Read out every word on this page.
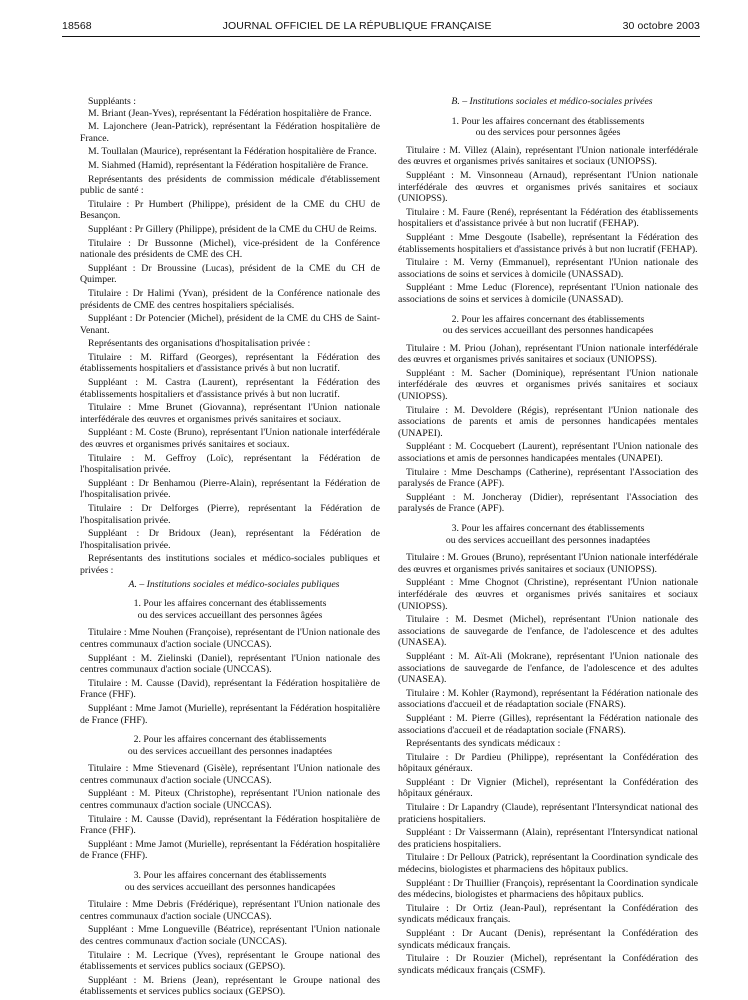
18568	JOURNAL OFFICIEL DE LA RÉPUBLIQUE FRANÇAISE	30 octobre 2003

Suppléants :

M. Briant (Jean-Yves), représentant la Fédération hospitalière de France.

M. Lajonchere (Jean-Patrick), représentant la Fédération hospitalière de France.

M. Toullalan (Maurice), représentant la Fédération hospitalière de France.

M. Siahmed (Hamid), représentant la Fédération hospitalière de France.

Représentants des présidents de commission médicale d'établissement public de santé :

Titulaire : Pr Humbert (Philippe), président de la CME du CHU de Besançon.

Suppléant : Pr Gillery (Philippe), président de la CME du CHU de Reims.

Titulaire : Dr Bussonne (Michel), vice-président de la Conférence nationale des présidents de CME des CH.

Suppléant : Dr Broussine (Lucas), président de la CME du CH de Quimper.

Titulaire : Dr Halimi (Yvan), président de la Conférence nationale des présidents de CME des centres hospitaliers spécialisés.

Suppléant : Dr Potencier (Michel), président de la CME du CHS de Saint-Venant.

Représentants des organisations d'hospitalisation privée :

Titulaire : M. Riffard (Georges), représentant la Fédération des établissements hospitaliers et d'assistance privés à but non lucratif.

Suppléant : M. Castra (Laurent), représentant la Fédération des établissements hospitaliers et d'assistance privés à but non lucratif.

Titulaire : Mme Brunet (Giovanna), représentant l'Union nationale interfédérale des œuvres et organismes privés sanitaires et sociaux.

Suppléant : M. Coste (Bruno), représentant l'Union nationale interfédérale des œuvres et organismes privés sanitaires et sociaux.

Titulaire : M. Geffroy (Loïc), représentant la Fédération de l'hospitalisation privée.

Suppléant : Dr Benhamou (Pierre-Alain), représentant la Fédération de l'hospitalisation privée.

Titulaire : Dr Delforges (Pierre), représentant la Fédération de l'hospitalisation privée.

Suppléant : Dr Bridoux (Jean), représentant la Fédération de l'hospitalisation privée.

Représentants des institutions sociales et médico-sociales publiques et privées :

A. – Institutions sociales et médico-sociales publiques

1. Pour les affaires concernant des établissements
ou des services accueillant des personnes âgées

Titulaire : Mme Nouhen (Françoise), représentant de l'Union nationale des centres communaux d'action sociale (UNCCAS).

Suppléant : M. Zielinski (Daniel), représentant l'Union nationale des centres communaux d'action sociale (UNCCAS).

Titulaire : M. Causse (David), représentant la Fédération hospitalière de France (FHF).

Suppléant : Mme Jamot (Murielle), représentant la Fédération hospitalière de France (FHF).

2. Pour les affaires concernant des établissements
ou des services accueillant des personnes inadaptées

Titulaire : Mme Stievenard (Gisèle), représentant l'Union nationale des centres communaux d'action sociale (UNCCAS).

Suppléant : M. Piteux (Christophe), représentant l'Union nationale des centres communaux d'action sociale (UNCCAS).

Titulaire : M. Causse (David), représentant la Fédération hospitalière de France (FHF).

Suppléant : Mme Jamot (Murielle), représentant la Fédération hospitalière de France (FHF).

3. Pour les affaires concernant des établissements
ou des services accueillant des personnes handicapées

Titulaire : Mme Debris (Frédérique), représentant l'Union nationale des centres communaux d'action sociale (UNCCAS).

Suppléant : Mme Longueville (Béatrice), représentant l'Union nationale des centres communaux d'action sociale (UNCCAS).

Titulaire : M. Lecrique (Yves), représentant le Groupe national des établissements et services publics sociaux (GEPSO).

Suppléant : M. Briens (Jean), représentant le Groupe national des établissements et services publics sociaux (GEPSO).

B. – Institutions sociales et médico-sociales privées

1. Pour les affaires concernant des établissements
ou des services pour personnes âgées

Titulaire : M. Villez (Alain), représentant l'Union nationale interfédérale des œuvres et organismes privés sanitaires et sociaux (UNIOPSS).

Suppléant : M. Vinsonneau (Arnaud), représentant l'Union nationale interfédérale des œuvres et organismes privés sanitaires et sociaux (UNIOPSS).

Titulaire : M. Faure (René), représentant la Fédération des établissements hospitaliers et d'assistance privée à but non lucratif (FEHAP).

Suppléant : Mme Desgoute (Isabelle), représentant la Fédération des établissements hospitaliers et d'assistance privés à but non lucratif (FEHAP).

Titulaire : M. Verny (Emmanuel), représentant l'Union nationale des associations de soins et services à domicile (UNASSAD).

Suppléant : Mme Leduc (Florence), représentant l'Union nationale des associations de soins et services à domicile (UNASSAD).

2. Pour les affaires concernant des établissements
ou des services accueillant des personnes handicapées

Titulaire : M. Priou (Johan), représentant l'Union nationale interfédérale des œuvres et organismes privés sanitaires et sociaux (UNIOPSS).

Suppléant : M. Sacher (Dominique), représentant l'Union nationale interfédérale des œuvres et organismes privés sanitaires et sociaux (UNIOPSS).

Titulaire : M. Devoldere (Régis), représentant l'Union nationale des associations de parents et amis de personnes handicapées mentales (UNAPEI).

Suppléant : M. Cocquebert (Laurent), représentant l'Union nationale des associations et amis de personnes handicapées mentales (UNAPEI).

Titulaire : Mme Deschamps (Catherine), représentant l'Association des paralysés de France (APF).

Suppléant : M. Joncheray (Didier), représentant l'Association des paralysés de France (APF).

3. Pour les affaires concernant des établissements
ou des services accueillant des personnes inadaptées

Titulaire : M. Groues (Bruno), représentant l'Union nationale interfédérale des œuvres et organismes privés sanitaires et sociaux (UNIOPSS).

Suppléant : Mme Chognot (Christine), représentant l'Union nationale interfédérale des œuvres et organismes privés sanitaires et sociaux (UNIOPSS).

Titulaire : M. Desmet (Michel), représentant l'Union nationale des associations de sauvegarde de l'enfance, de l'adolescence et des adultes (UNASEA).

Suppléant : M. Aït-Ali (Mokrane), représentant l'Union nationale des associations de sauvegarde de l'enfance, de l'adolescence et des adultes (UNASEA).

Titulaire : M. Kohler (Raymond), représentant la Fédération nationale des associations d'accueil et de réadaptation sociale (FNARS).

Suppléant : M. Pierre (Gilles), représentant la Fédération nationale des associations d'accueil et de réadaptation sociale (FNARS).

Représentants des syndicats médicaux :

Titulaire : Dr Pardieu (Philippe), représentant la Confédération des hôpitaux généraux.

Suppléant : Dr Vignier (Michel), représentant la Confédération des hôpitaux généraux.

Titulaire : Dr Lapandry (Claude), représentant l'Intersyndicat national des praticiens hospitaliers.

Suppléant : Dr Vaissermann (Alain), représentant l'Intersyndicat national des praticiens hospitaliers.

Titulaire : Dr Pelloux (Patrick), représentant la Coordination syndicale des médecins, biologistes et pharmaciens des hôpitaux publics.

Suppléant : Dr Thuillier (François), représentant la Coordination syndicale des médecins, biologistes et pharmaciens des hôpitaux publics.

Titulaire : Dr Ortiz (Jean-Paul), représentant la Confédération des syndicats médicaux français.

Suppléant : Dr Aucant (Denis), représentant la Confédération des syndicats médicaux français.

Titulaire : Dr Rouzier (Michel), représentant la Confédération des syndicats médicaux français (CSMF).
